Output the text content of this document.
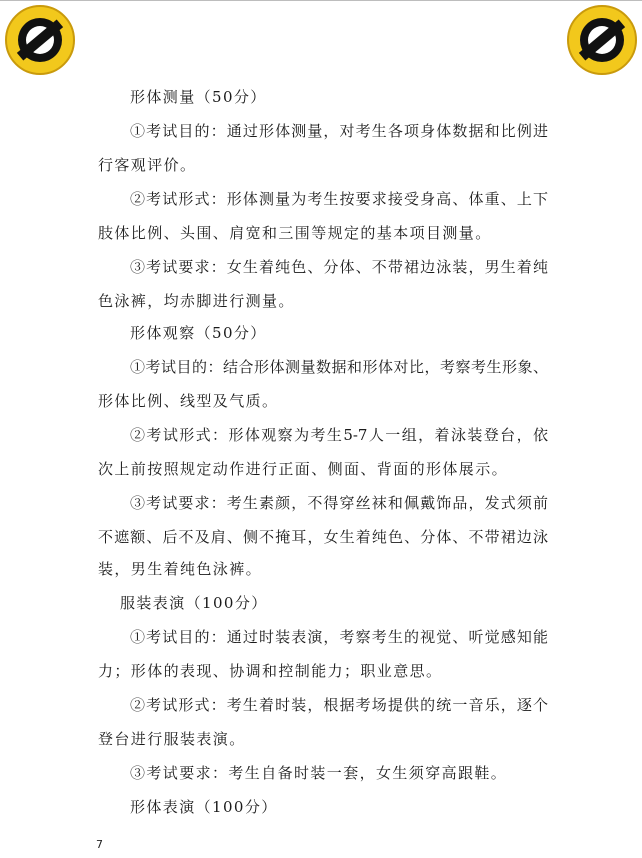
形体测量（50分）
①考试目的：通过形体测量，对考生各项身体数据和比例进
行客观评价。
②考试形式：形体测量为考生按要求接受身高、体重、上下
肢体比例、头围、肩宽和三围等规定的基本项目测量。
③考试要求：女生着纯色、分体、不带裙边泳装，男生着纯
色泳裤，均赤脚进行测量。
形体观察（50分）
①考试目的：结合形体测量数据和形体对比，考察考生形象、
形体比例、线型及气质。
②考试形式：形体观察为考生5-7人一组，着泳装登台，依
次上前按照规定动作进行正面、侧面、背面的形体展示。
③考试要求：考生素颜，不得穿丝袜和佩戴饰品，发式须前
不遮额、后不及肩、侧不掩耳，女生着纯色、分体、不带裙边泳
装，男生着纯色泳裤。
服装表演（100分）
①考试目的：通过时装表演，考察考生的视觉、听觉感知能
力；形体的表现、协调和控制能力；职业意思。
②考试形式：考生着时装，根据考场提供的统一音乐，逐个
登台进行服装表演。
③考试要求：考生自备时装一套，女生须穿高跟鞋。
形体表演（100分）
7
